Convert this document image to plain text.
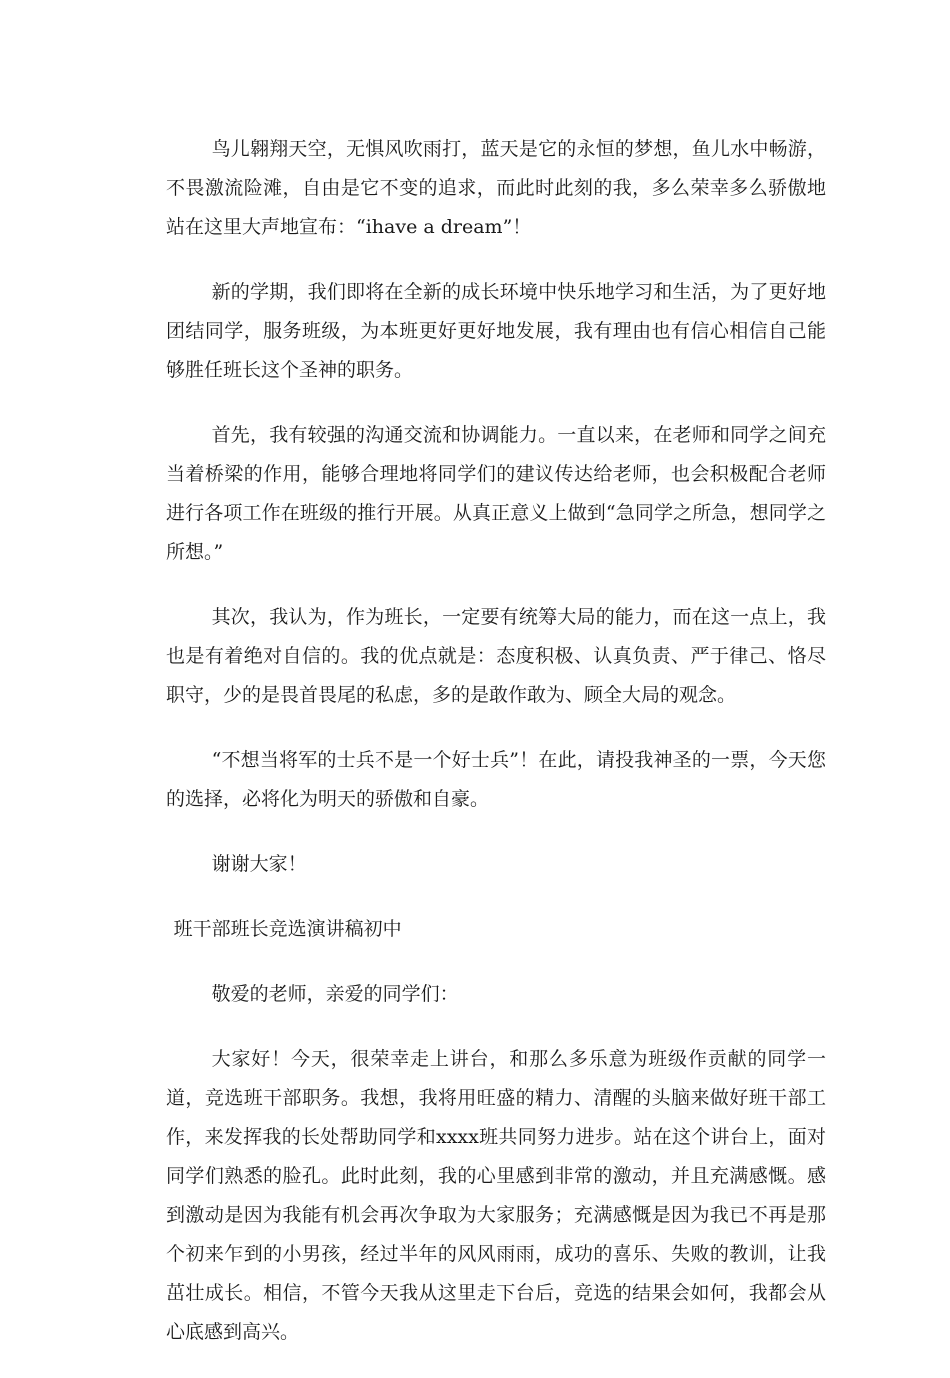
鸟儿翱翔天空，无惧风吹雨打，蓝天是它的永恒的梦想，鱼儿水中畅游，不畏激流险滩，自由是它不变的追求，而此时此刻的我，多么荣幸多么骄傲地站在这里大声地宣布：“ihave a dream”！

新的学期，我们即将在全新的成长环境中快乐地学习和生活，为了更好地团结同学，服务班级，为本班更好更好地发展，我有理由也有信心相信自己能够胜任班长这个圣神的职务。

首先，我有较强的沟通交流和协调能力。一直以来，在老师和同学之间充当着桥梁的作用，能够合理地将同学们的建议传达给老师，也会积极配合老师进行各项工作在班级的推行开展。从真正意义上做到“急同学之所急，想同学之所想。”

其次，我认为，作为班长，一定要有统筹大局的能力，而在这一点上，我也是有着绝对自信的。我的优点就是：态度积极、认真负责、严于律己、恪尽职守，少的是畏首畏尾的私虑，多的是敢作敢为、顾全大局的观念。

“不想当将军的士兵不是一个好士兵”！在此，请投我神圣的一票，今天您的选择，必将化为明天的骄傲和自豪。

谢谢大家！

班干部班长竞选演讲稿初中

敬爱的老师，亲爱的同学们：

大家好！今天，很荣幸走上讲台，和那么多乐意为班级作贡献的同学一道，竞选班干部职务。我想，我将用旺盛的精力、清醒的头脑来做好班干部工作，来发挥我的长处帮助同学和xxxx班共同努力进步。站在这个讲台上，面对同学们熟悉的脸孔。此时此刻，我的心里感到非常的激动，并且充满感慨。感到激动是因为我能有机会再次争取为大家服务；充满感慨是因为我已不再是那个初来乍到的小男孩，经过半年的风风雨雨，成功的喜乐、失败的教训，让我茁壮成长。相信，不管今天我从这里走下台后，竞选的结果会如何，我都会从心底感到高兴。
